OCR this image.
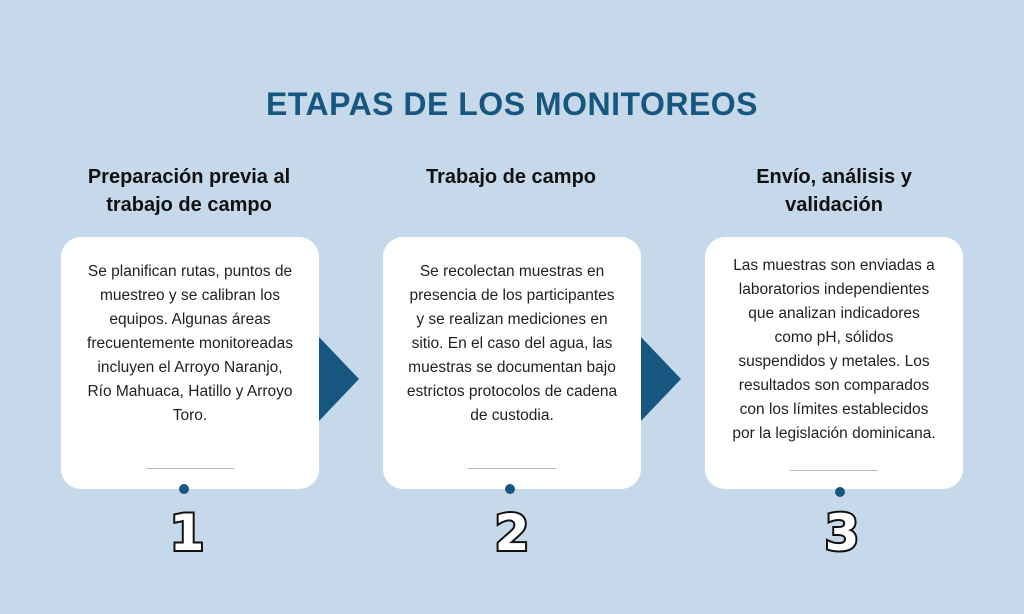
ETAPAS DE LOS MONITOREOS
Preparación previa al trabajo de campo
Trabajo de campo	Envío, análisis y validación
Se planifican rutas, puntos de muestreo y se calibran los equipos. Algunas áreas frecuentemente monitoreadas incluyen el Arroyo Naranjo, Río Mahuaca, Hatillo y Arroyo Toro.
Se recolectan muestras en presencia de los participantes y se realizan mediciones en sitio. En el caso del agua, las muestras se documentan bajo estrictos protocolos de cadena de custodia.
Las muestras son enviadas a laboratorios independientes que analizan indicadores como pH, sólidos suspendidos y metales. Los resultados son comparados con los límites establecidos por la legislación dominicana.
1	2	3
